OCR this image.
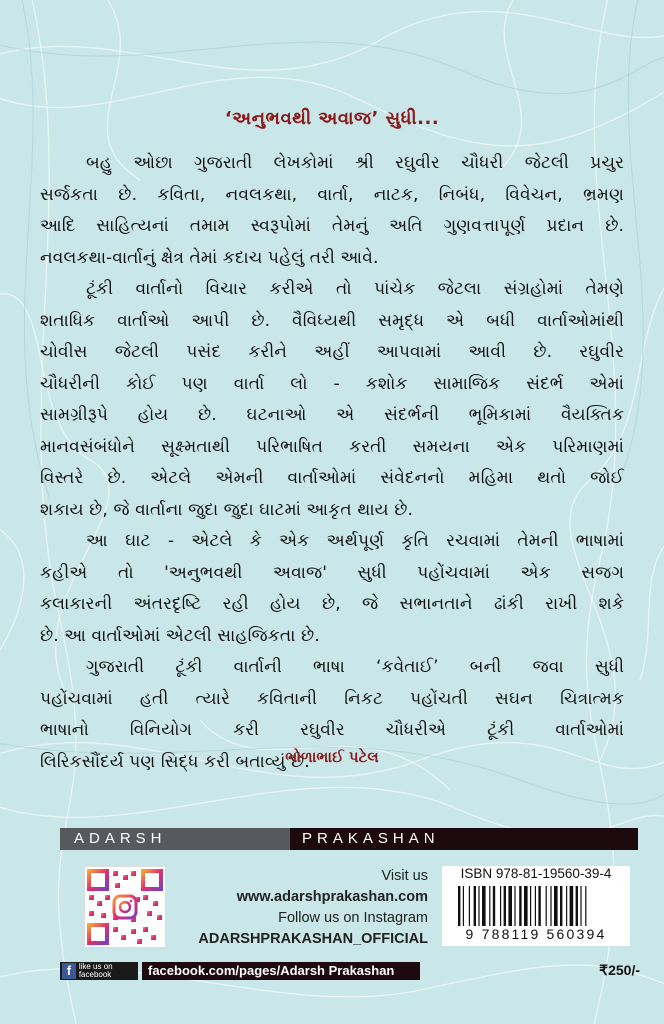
‘અનુભવથી અવાજ’ સુધી...

બહુ ઓછા ગુજરાતી લેખકોમાં શ્રી રઘુવીર ચૌધરી જેટલી પ્રચુર
સર્જકતા છે. કવિતા, નવલકથા, વાર્તા, નાટક, નિબંધ, વિવેચન, ભ્રમણ
આદિ સાહિત્યનાં તમામ સ્વરૂપોમાં તેમનું અતિ ગુણવત્તાપૂર્ણ પ્રદાન છે.
નવલકથા-વાર્તાનું ક્ષેત્ર તેમાં કદાચ પહેલું તરી આવે.

ટૂંકી વાર્તાનો વિચાર કરીએ તો પાંચેક જેટલા સંગ્રહોમાં તેમણે
શતાધિક વાર્તાઓ આપી છે. વૈવિધ્યથી સમૃદ્ધ એ બધી વાર્તાઓમાંથી
ચોવીસ જેટલી પસંદ કરીને અહીં આપવામાં આવી છે. રઘુવીર
ચૌધરીની કોઈ પણ વાર્તા લો - કશોક સામાજિક સંદર્ભ એમાં
સામગ્રીરૂપે હોય છે. ઘટનાઓ એ સંદર્ભની ભૂમિકામાં વૈયક્તિક
માનવસંબંધોને સૂક્ષ્મતાથી પરિભાષિત કરતી સમયના એક પરિમાણમાં
વિસ્તરે છે. એટલે એમની વાર્તાઓમાં સંવેદનનો મહિમા થતો જોઈ
શકાય છે, જે વાર્તાના જુદા જુદા ઘાટમાં આકૃત થાય છે.

આ ઘાટ - એટલે કે એક અર્થપૂર્ણ કૃતિ રચવામાં તેમની ભાષામાં
કહીએ તો 'અનુભવથી અવાજ' સુધી પહોંચવામાં એક સજગ
કલાકારની અંતરદૃષ્ટિ રહી હોય છે, જે સભાનતાને ઢાંકી રાખી શકે
છે. આ વાર્તાઓમાં એટલી સાહજિકતા છે.

ગુજરાતી ટૂંકી વાર્તાની ભાષા ‘કવેતાઈ’ બની જવા સુધી
પહોંચવામાં હતી ત્યારે કવિતાની નિકટ પહોંચતી સઘન ચિત્રાત્મક
ભાષાનો વિનિયોગ કરી રઘુવીર ચૌધરીએ ટૂંકી વાર્તાઓમાં
લિરિકસૌંદર્ય પણ સિદ્ધ કરી બતાવ્યું છે.

ભોળાભાઈ પટેલ
ADARSH	PRAKASHAN
Visit us
www.adarshprakashan.com
Follow us on Instagram
ADARSHPRAKASHAN_OFFICIAL
ISBN 978-81-19560-39-4
9 788119 560394
f like us on facebook	facebook.com/pages/Adarsh Prakashan	₹250/-
